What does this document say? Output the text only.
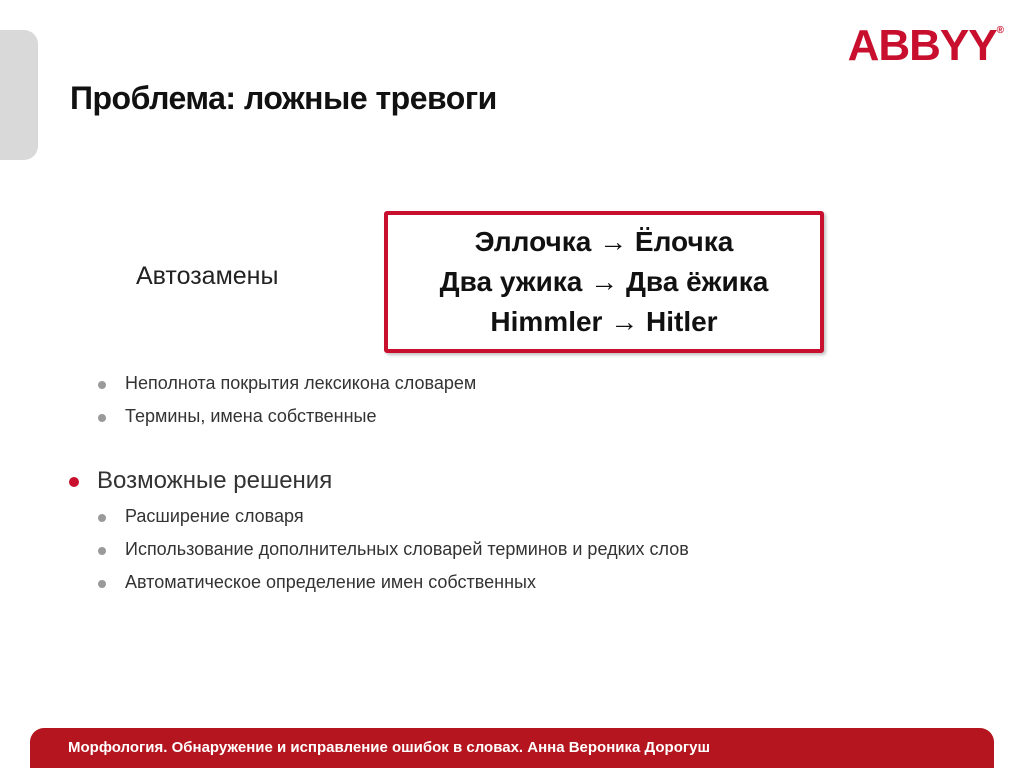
ABBYY®
Проблема: ложные тревоги
Автозамены
Эллочка → Ёлочка
Два ужика → Два ёжика
Himmler → Hitler
Неполнота покрытия лексикона словарем
Термины, имена собственные
Возможные решения
Расширение словаря
Использование дополнительных словарей терминов и редких слов
Автоматическое определение имен собственных
Морфология. Обнаружение и исправление ошибок в словах. Анна Вероника Дорогуш
